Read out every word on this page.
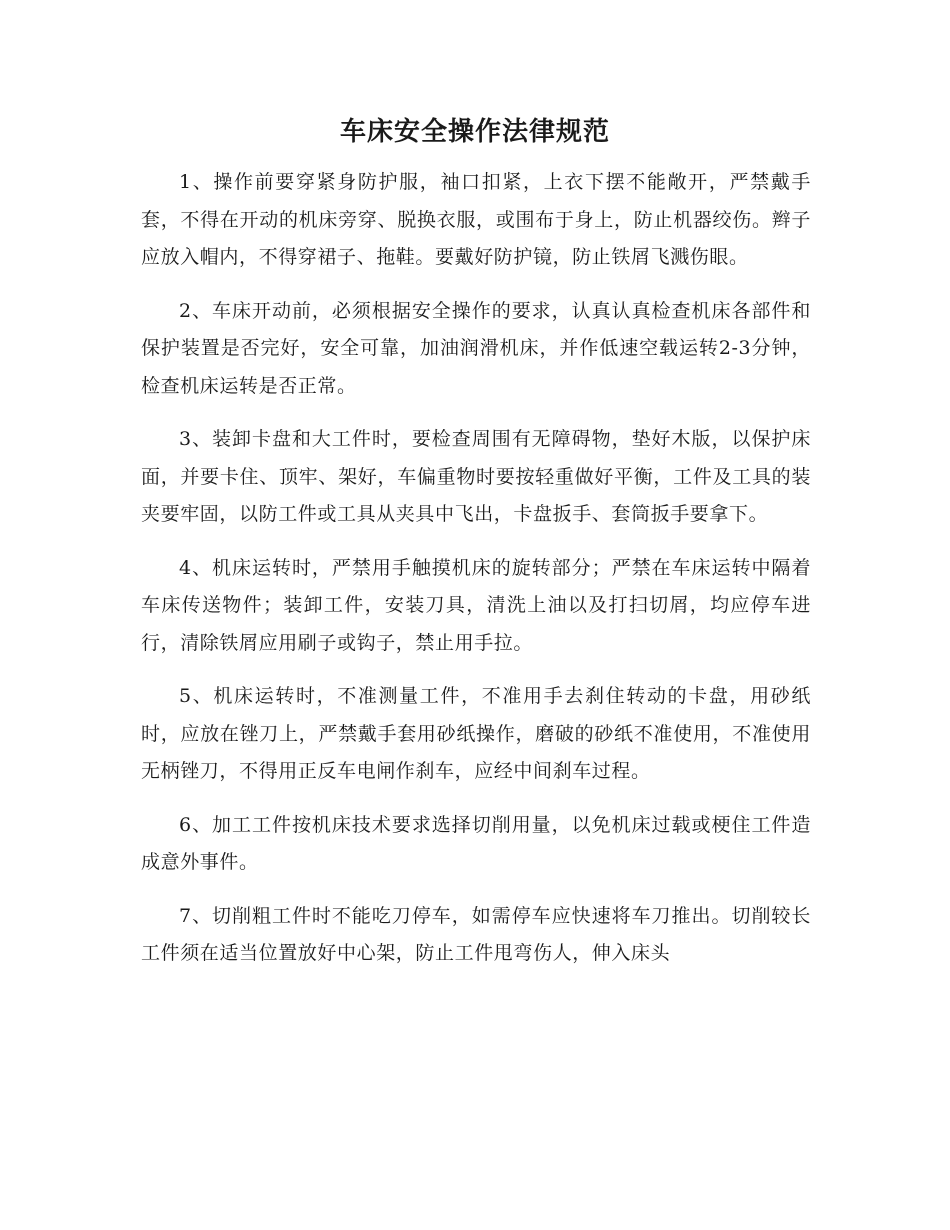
车床安全操作法律规范

1、操作前要穿紧身防护服，袖口扣紧，上衣下摆不能敞开，严禁戴手套，不得在开动的机床旁穿、脱换衣服，或围布于身上，防止机器绞伤。辫子应放入帽内，不得穿裙子、拖鞋。要戴好防护镜，防止铁屑飞溅伤眼。

2、车床开动前，必须根据安全操作的要求，认真认真检查机床各部件和保护装置是否完好，安全可靠，加油润滑机床，并作低速空载运转2-3分钟，检查机床运转是否正常。

3、装卸卡盘和大工件时，要检查周围有无障碍物，垫好木版，以保护床面，并要卡住、顶牢、架好，车偏重物时要按轻重做好平衡，工件及工具的装夹要牢固，以防工件或工具从夹具中飞出，卡盘扳手、套筒扳手要拿下。

4、机床运转时，严禁用手触摸机床的旋转部分；严禁在车床运转中隔着车床传送物件；装卸工件，安装刀具，清洗上油以及打扫切屑，均应停车进行，清除铁屑应用刷子或钩子，禁止用手拉。

5、机床运转时，不准测量工件，不准用手去刹住转动的卡盘，用砂纸时，应放在锉刀上，严禁戴手套用砂纸操作，磨破的砂纸不准使用，不准使用无柄锉刀，不得用正反车电闸作刹车，应经中间刹车过程。

6、加工工件按机床技术要求选择切削用量，以免机床过载或梗住工件造成意外事件。

7、切削粗工件时不能吃刀停车，如需停车应快速将车刀推出。切削较长工件须在适当位置放好中心架，防止工件甩弯伤人，伸入床头
